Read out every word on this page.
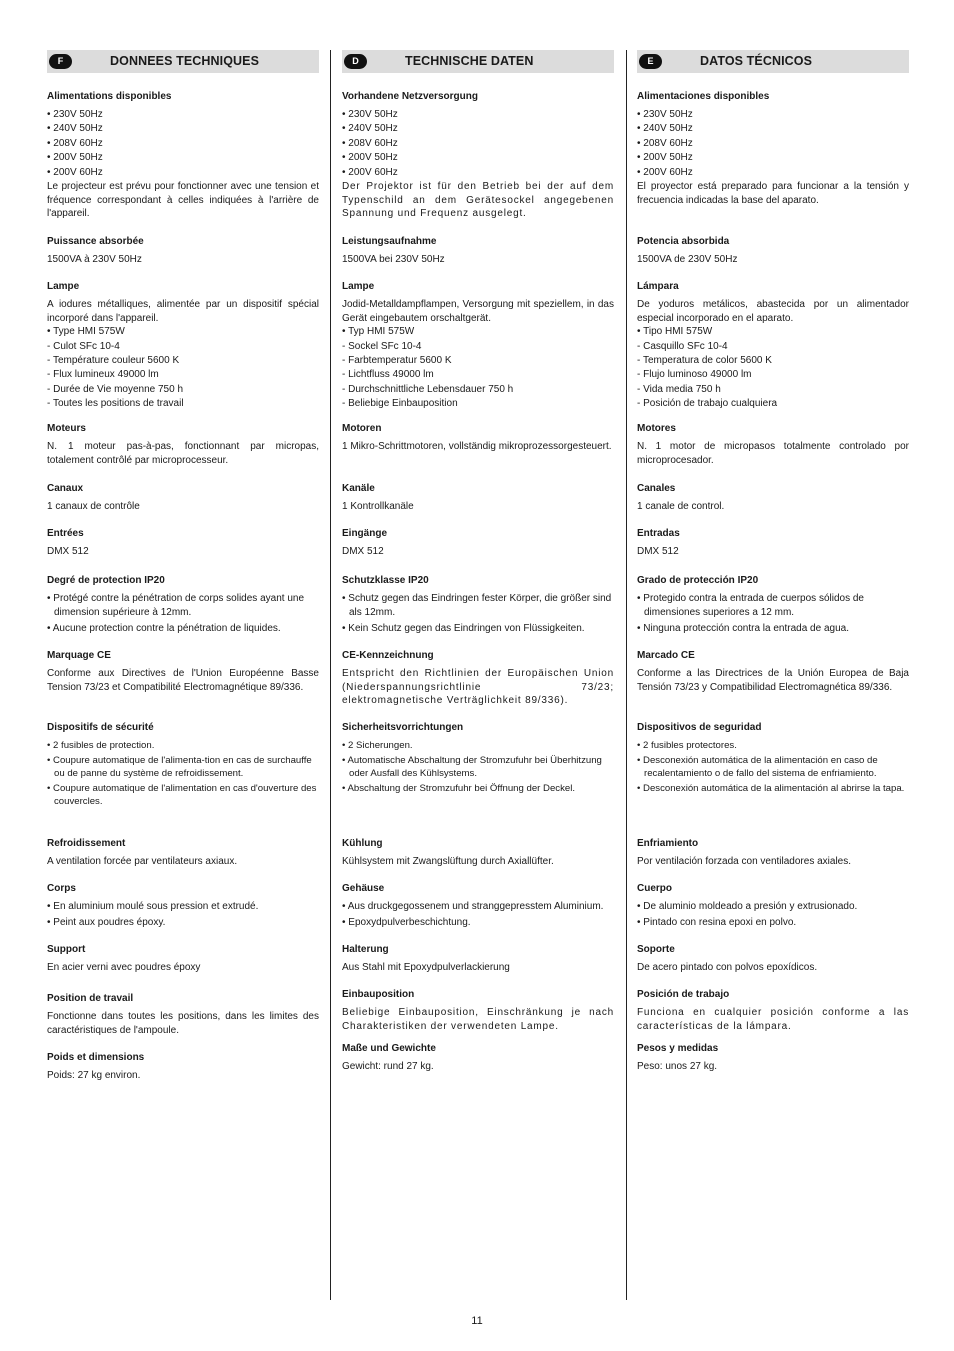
F	DONNEES TECHNIQUES
Alimentations disponibles
• 230V 50Hz
• 240V 50Hz
• 208V 60Hz
• 200V 50Hz
• 200V 60Hz
Le projecteur est prévu pour fonctionner avec une tension et fréquence correspondant à celles indiquées à l'arrière de l'appareil.
Puissance absorbée
1500VA à 230V 50Hz
Lampe
A iodures métalliques, alimentée par un dispositif spécial incorporé dans l'appareil.
• Type HMI 575W
- Culot SFc 10-4
- Température couleur 5600 K
- Flux lumineux 49000 lm
- Durée de Vie moyenne 750 h
- Toutes les positions de travail
Moteurs
N. 1 moteur pas-à-pas, fonctionnant par micropas, totalement contrôlé par microprocesseur.
Canaux
1 canaux de contrôle
Entrées
DMX 512
Degré de protection IP20
• Protégé contre la pénétration de corps solides ayant une dimension supérieure à 12mm.
• Aucune protection contre la pénétration de liquides.
Marquage CE
Conforme aux Directives de l'Union Européenne Basse Tension 73/23 et Compatibilité Electromagnétique 89/336.
Dispositifs de sécurité
• 2 fusibles de protection.
• Coupure automatique de l'alimenta-tion en cas de surchauffe ou de panne du système de refroidissement.
• Coupure automatique de l'alimentation en cas d'ouverture des couvercles.
Refroidissement
A ventilation forcée par ventilateurs axiaux.
Corps
• En aluminium moulé sous pression et extrudé.
• Peint aux poudres époxy.
Support
En acier verni avec poudres époxy
Position de travail
Fonctionne dans toutes les positions, dans les limites des caractéristiques de l'ampoule.
Poids et dimensions
Poids: 27 kg environ.
D	TECHNISCHE DATEN
Vorhandene Netzversorgung
• 230V 50Hz
• 240V 50Hz
• 208V 60Hz
• 200V 50Hz
• 200V 60Hz
Der Projektor ist für den Betrieb bei der auf dem Typenschild an dem Gerätesockel angegebenen Spannung und Frequenz ausgelegt.
Leistungsaufnahme
1500VA bei 230V 50Hz
Lampe
Jodid-Metalldampflampen, Versorgung mit speziellem, in das Gerät eingebautem orschaltgerät.
• Typ HMI 575W
- Sockel SFc 10-4
- Farbtemperatur 5600 K
- Lichtfluss 49000 lm
- Durchschnittliche Lebensdauer 750 h
- Beliebige Einbauposition
Motoren
1 Mikro-Schrittmotoren, vollständig mikroprozessorgesteuert.
Kanäle
1 Kontrollkanäle
Eingänge
DMX 512
Schutzklasse IP20
• Schutz gegen das Eindringen fester Körper, die größer sind als 12mm.
• Kein Schutz gegen das Eindringen von Flüssigkeiten.
CE-Kennzeichnung
Entspricht den Richtlinien der Europäischen Union (Niederspannungsrichtlinie 73/23; elektromagnetische Verträglichkeit 89/336).
Sicherheitsvorrichtungen
• 2 Sicherungen.
• Automatische Abschaltung der Stromzufuhr bei Überhitzung oder Ausfall des Kühlsystems.
• Abschaltung der Stromzufuhr bei Öffnung der Deckel.
Kühlung
Kühlsystem mit Zwangslüftung durch Axiallüfter.
Gehäuse
• Aus druckgegossenem und stranggepresstem Aluminium.
• Epoxydpulverbeschichtung.
Halterung
Aus Stahl mit Epoxydpulverlackierung
Einbauposition
Beliebige Einbauposition, Einschränkung je nach Charakteristiken der verwendeten Lampe.
Maße und Gewichte
Gewicht: rund 27 kg.
E	DATOS TÉCNICOS
Alimentaciones disponibles
• 230V 50Hz
• 240V 50Hz
• 208V 60Hz
• 200V 50Hz
• 200V 60Hz
El proyector está preparado para funcionar a la tensión y frecuencia indicadas la base del aparato.
Potencia absorbida
1500VA de 230V 50Hz
Lámpara
De yoduros metálicos, abastecida por un alimentador especial incorporado en el aparato.
• Tipo HMI 575W
- Casquillo SFc 10-4
- Temperatura de color 5600 K
- Flujo luminoso 49000 lm
- Vida media 750 h
- Posición de trabajo cualquiera
Motores
N. 1 motor de micropasos totalmente controlado por microprocesador.
Canales
1 canale de control.
Entradas
DMX 512
Grado de protección IP20
• Protegido contra la entrada de cuerpos sólidos de dimensiones superiores a 12 mm.
• Ninguna protección contra la entrada de agua.
Marcado CE
Conforme a las Directrices de la Unión Europea de Baja Tensión 73/23 y Compatibilidad Electromagnética 89/336.
Dispositivos de seguridad
• 2 fusibles protectores.
• Desconexión automática de la alimentación en caso de recalentamiento o de fallo del sistema de enfriamiento.
• Desconexión automática de la alimentación al abrirse la tapa.
Enfriamiento
Por ventilación forzada con ventiladores axiales.
Cuerpo
• De aluminio moldeado a presión y extrusionado.
• Pintado con resina epoxi en polvo.
Soporte
De acero pintado con polvos epoxídicos.
Posición de trabajo
Funciona en cualquier posición conforme a las características de la lámpara.
Pesos y medidas
Peso: unos 27 kg.
11
